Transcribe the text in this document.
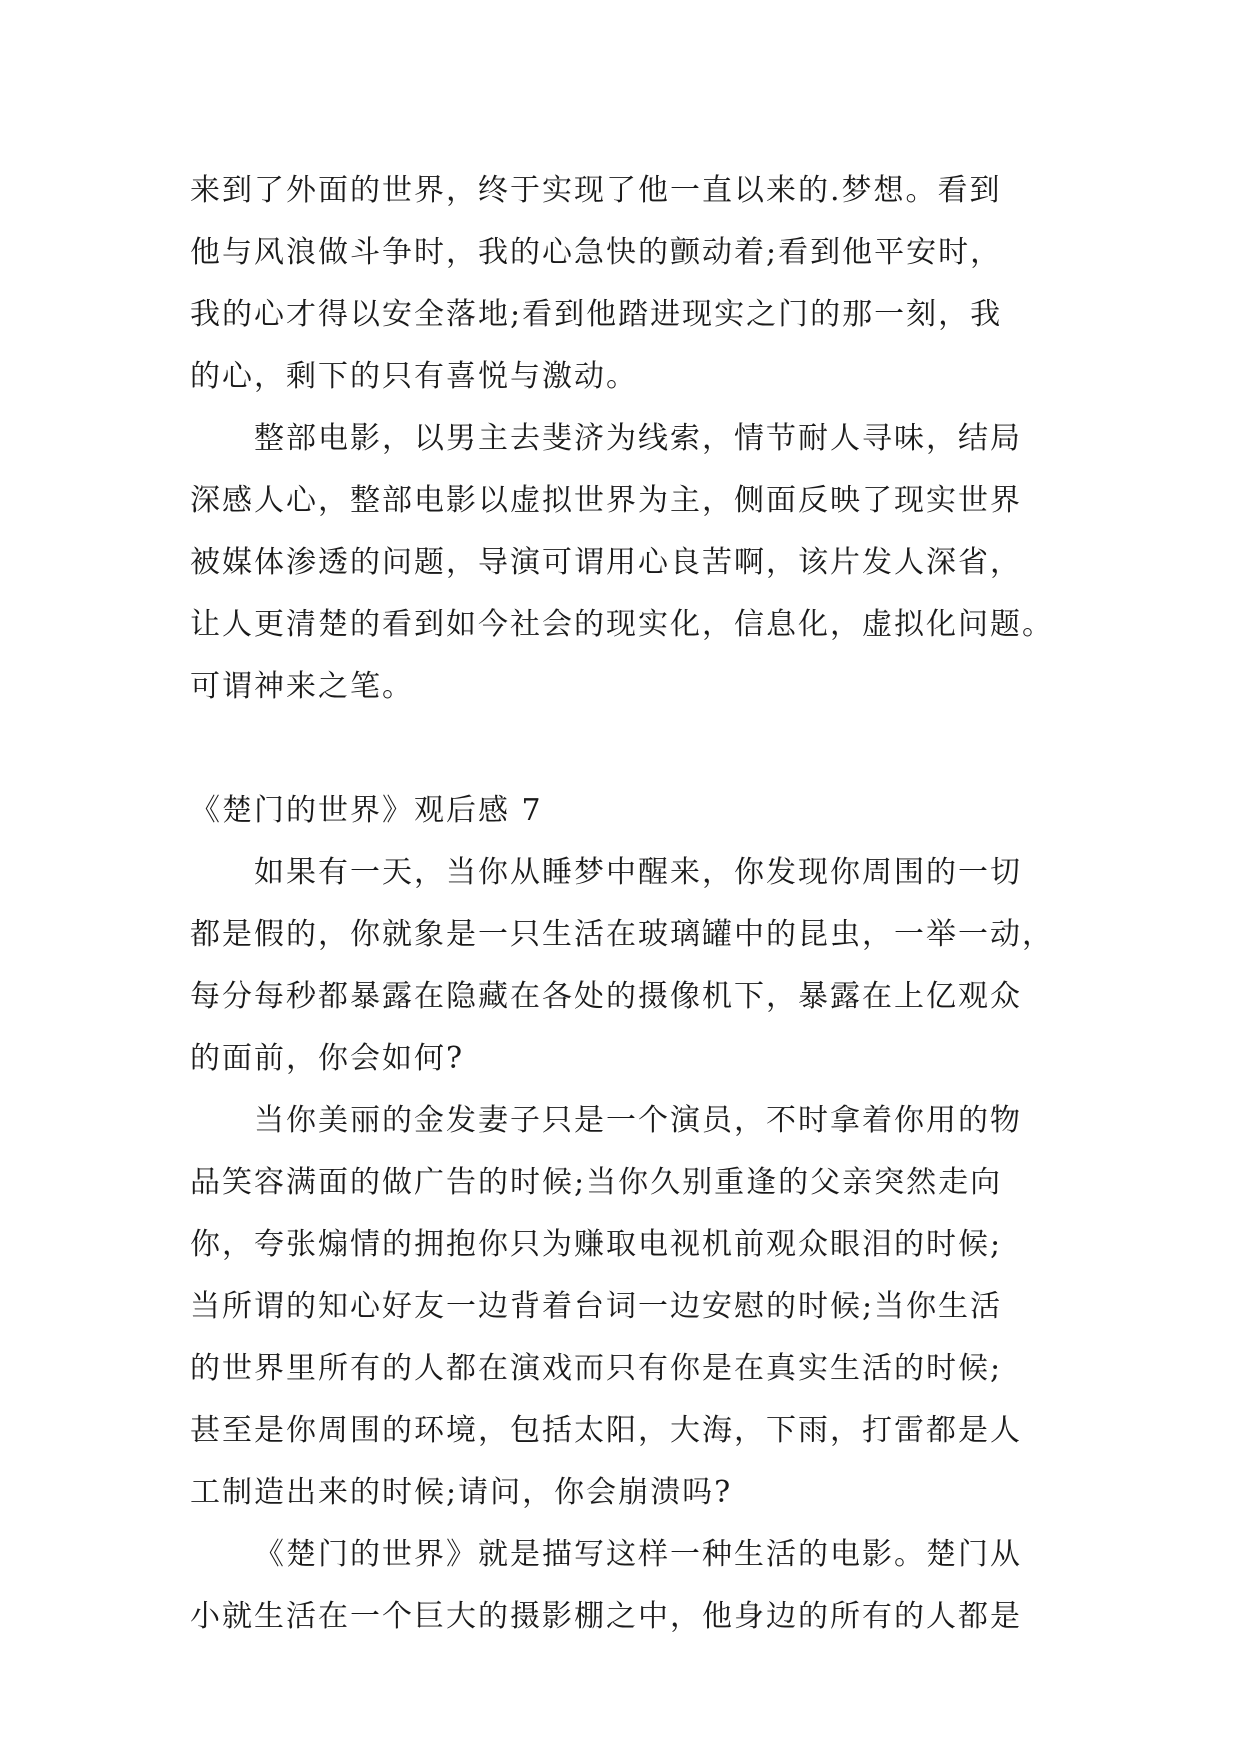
来到了外面的世界，终于实现了他一直以来的.梦想。看到
他与风浪做斗争时，我的心急快的颤动着;看到他平安时，
我的心才得以安全落地;看到他踏进现实之门的那一刻，我
的心，剩下的只有喜悦与激动。
整部电影，以男主去斐济为线索，情节耐人寻味，结局
深感人心，整部电影以虚拟世界为主，侧面反映了现实世界
被媒体渗透的问题，导演可谓用心良苦啊，该片发人深省，
让人更清楚的看到如今社会的现实化，信息化，虚拟化问题。
可谓神来之笔。
《楚门的世界》观后感 7
如果有一天，当你从睡梦中醒来，你发现你周围的一切
都是假的，你就象是一只生活在玻璃罐中的昆虫，一举一动，
每分每秒都暴露在隐藏在各处的摄像机下，暴露在上亿观众
的面前，你会如何?
当你美丽的金发妻子只是一个演员，不时拿着你用的物
品笑容满面的做广告的时候;当你久别重逢的父亲突然走向
你，夸张煽情的拥抱你只为赚取电视机前观众眼泪的时候;
当所谓的知心好友一边背着台词一边安慰的时候;当你生活
的世界里所有的人都在演戏而只有你是在真实生活的时候;
甚至是你周围的环境，包括太阳，大海，下雨，打雷都是人
工制造出来的时候;请问，你会崩溃吗?
《楚门的世界》就是描写这样一种生活的电影。楚门从
小就生活在一个巨大的摄影棚之中，他身边的所有的人都是
